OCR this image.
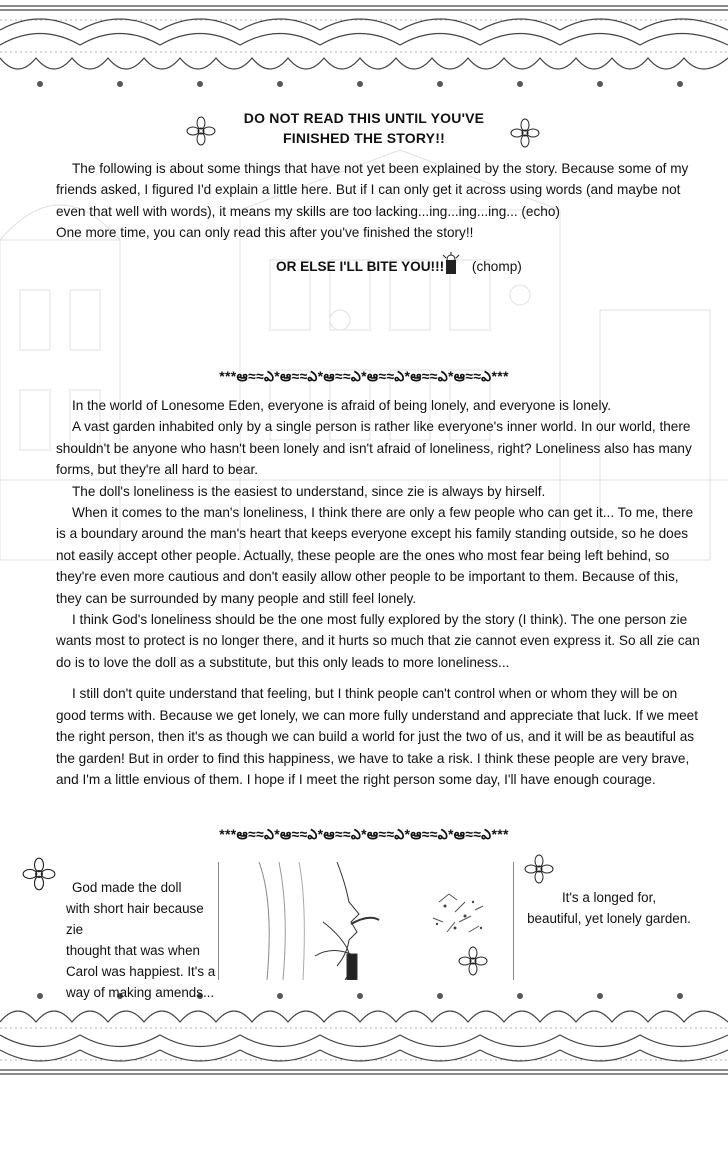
DO NOT READ THIS UNTIL YOU'VE
FINISHED THE STORY!!

The following is about some things that have not yet been explained by the story. Because some of my friends asked, I figured I'd explain a little here. But if I can only get it across using words (and maybe not even that well with words), it means my skills are too lacking...ing...ing...ing... (echo)

One more time, you can only read this after you've finished the story!!

OR ELSE I'LL BITE YOU!!! (chomp)
***ఆ≈≈ఎ*ఆ≈≈ఎ*ఆ≈≈ఎ*ఆ≈≈ఎ*ఆ≈≈ఎ*ఆ≈≈ఎ***

In the world of Lonesome Eden, everyone is afraid of being lonely, and everyone is lonely.

A vast garden inhabited only by a single person is rather like everyone's inner world. In our world, there shouldn't be anyone who hasn't been lonely and isn't afraid of loneliness, right? Loneliness also has many forms, but they're all hard to bear.

The doll's loneliness is the easiest to understand, since zie is always by hirself.

When it comes to the man's loneliness, I think there are only a few people who can get it... To me, there is a boundary around the man's heart that keeps everyone except his family standing outside, so he does not easily accept other people. Actually, these people are the ones who most fear being left behind, so they're even more cautious and don't easily allow other people to be important to them. Because of this, they can be surrounded by many people and still feel lonely.

I think God's loneliness should be the one most fully explored by the story (I think). The one person zie wants most to protect is no longer there, and it hurts so much that zie cannot even express it. So all zie can do is to love the doll as a substitute, but this only leads to more loneliness...

I still don't quite understand that feeling, but I think people can't control when or whom they will be on good terms with. Because we get lonely, we can more fully understand and appreciate that luck. If we meet the right person, then it's as though we can build a world for just the two of us, and it will be as beautiful as the garden! But in order to find this happiness, we have to take a risk. I think these people are very brave, and I'm a little envious of them. I hope if I meet the right person some day, I'll have enough courage.

***ఆ≈≈ఎ*ఆ≈≈ఎ*ఆ≈≈ఎ*ఆ≈≈ఎ*ఆ≈≈ఎ*ఆ≈≈ఎ***
God made the doll
with short hair because zie
thought that was when
Carol was happiest. It's a
way of making amends...
It's a longed for,
beautiful, yet lonely garden.
